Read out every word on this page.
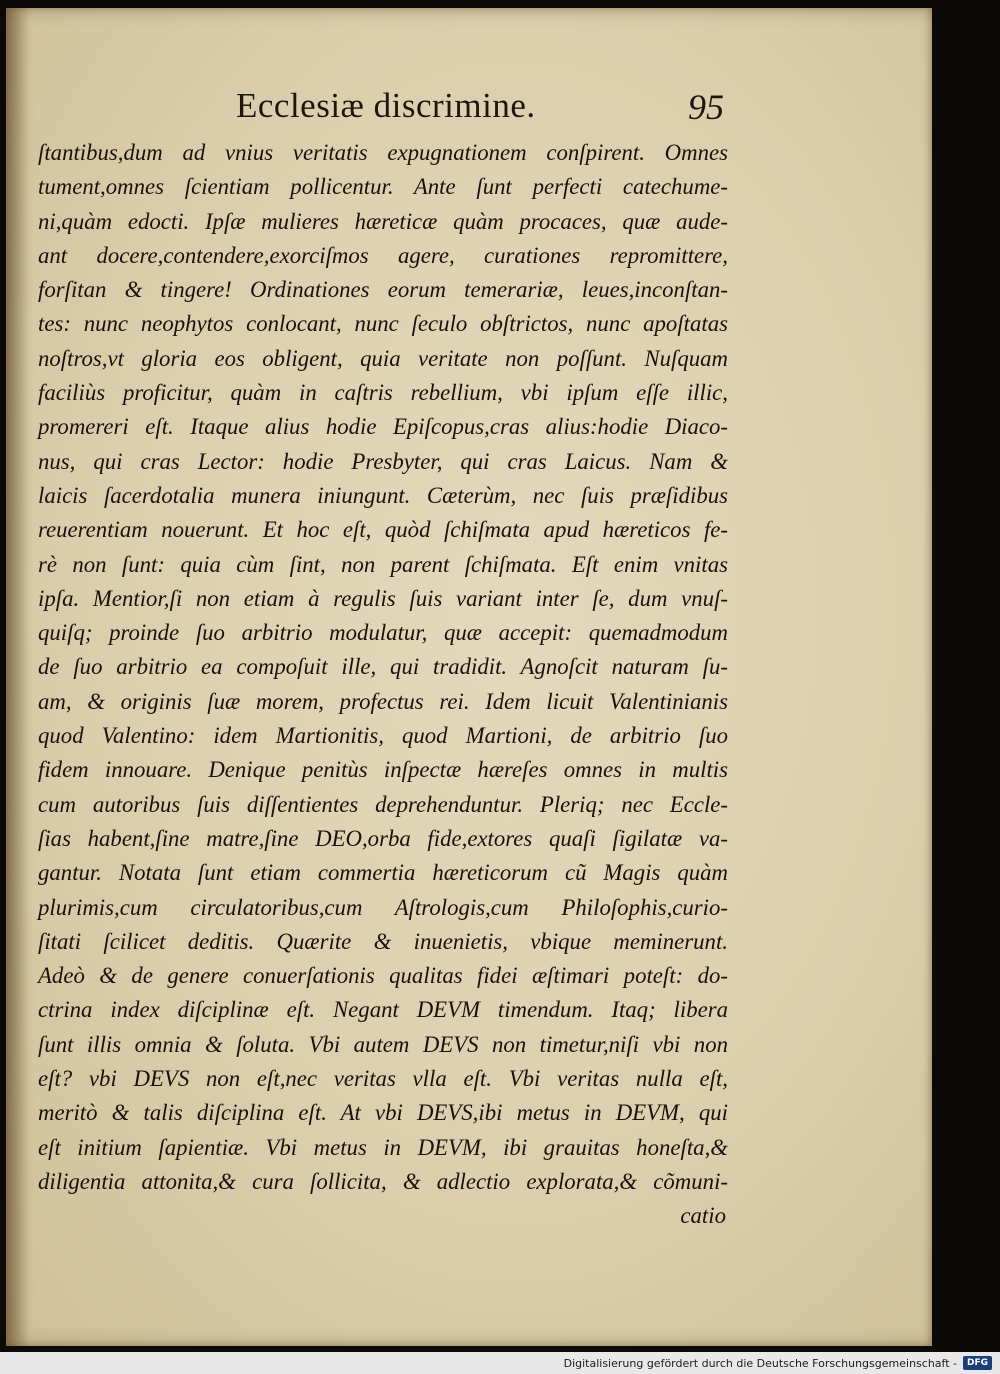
Ecclesiæ discrimine.	95
ſtantibus,dum ad vnius veritatis expugnationem conſpirent. Omnes
tument,omnes ſcientiam pollicentur. Ante ſunt perfecti catechume-
ni,quàm edocti. Ipſæ mulieres hæreticæ quàm procaces, quæ aude-
ant docere,contendere,exorciſmos agere, curationes repromittere,
forſitan & tingere! Ordinationes eorum temerariæ, leues,inconſtan-
tes: nunc neophytos conlocant, nunc ſeculo obſtrictos, nunc apoſtatas
noſtros,vt gloria eos obligent, quia veritate non poſſunt. Nuſquam
faciliùs proficitur, quàm in caſtris rebellium, vbi ipſum eſſe illic,
promereri eſt. Itaque alius hodie Epiſcopus,cras alius:hodie Diaco-
nus, qui cras Lector: hodie Presbyter, qui cras Laicus. Nam &
laicis ſacerdotalia munera iniungunt. Cæterùm, nec ſuis præſidibus
reuerentiam nouerunt. Et hoc eſt, quòd ſchiſmata apud hæreticos fe-
rè non ſunt: quia cùm ſint, non parent ſchiſmata. Eſt enim vnitas
ipſa. Mentior,ſi non etiam à regulis ſuis variant inter ſe, dum vnuſ-
quiſq; proinde ſuo arbitrio modulatur, quæ accepit: quemadmodum
de ſuo arbitrio ea compoſuit ille, qui tradidit. Agnoſcit naturam ſu-
am, & originis ſuæ morem, profectus rei. Idem licuit Valentinianis
quod Valentino: idem Martionitis, quod Martioni, de arbitrio ſuo
fidem innouare. Denique penitùs inſpectæ hæreſes omnes in multis
cum autoribus ſuis diſſentientes deprehenduntur. Pleriq; nec Eccle-
ſias habent,ſine matre,ſine DEO,orba fide,extores quaſi ſigilatæ va-
gantur. Notata ſunt etiam commertia hæreticorum cũ Magis quàm
plurimis,cum circulatoribus,cum Aſtrologis,cum Philoſophis,curio-
ſitati ſcilicet deditis. Quærite & inuenietis, vbique meminerunt.
Adeò & de genere conuerſationis qualitas fidei æſtimari poteſt: do-
ctrina index diſciplinæ eſt. Negant DEVM timendum. Itaq; libera
ſunt illis omnia & ſoluta. Vbi autem DEVS non timetur,niſi vbi non
eſt? vbi DEVS non eſt,nec veritas vlla eſt. Vbi veritas nulla eſt,
meritò & talis diſciplina eſt. At vbi DEVS,ibi metus in DEVM, qui
eſt initium ſapientiæ. Vbi metus in DEVM, ibi grauitas honeſta,&
diligentia attonita,& cura ſollicita, & adlectio explorata,& cõmuni-
catio
Digitalisierung gefördert durch die Deutsche Forschungsgemeinschaft -	DFG
